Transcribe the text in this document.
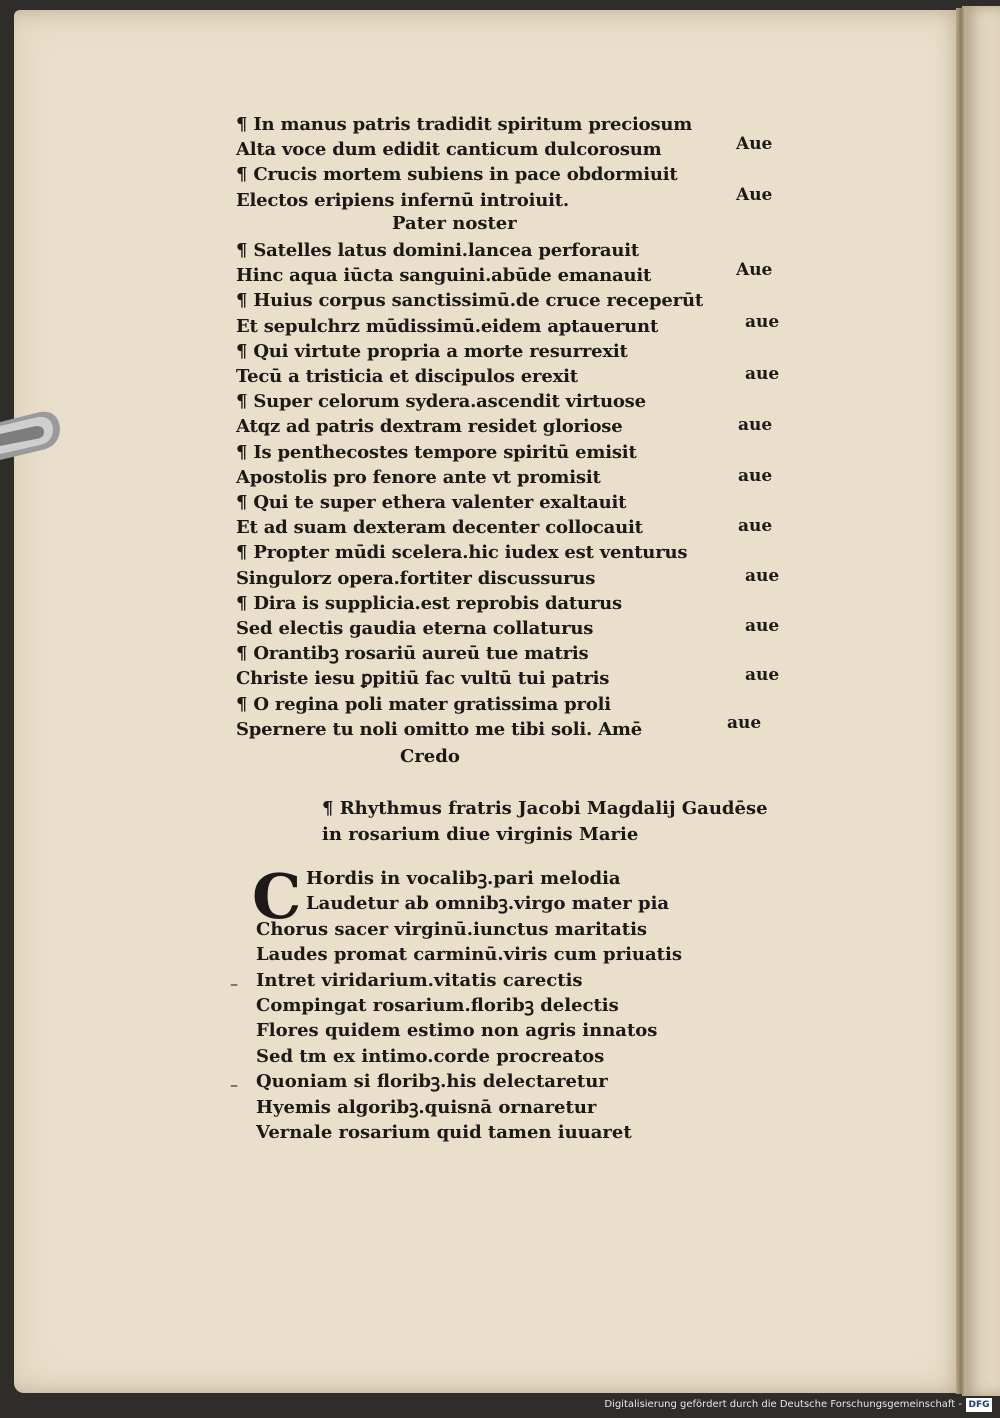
¶ In manus patris tradidit spiritum preciosum
Alta voce dum edidit canticum dulcorosum
¶ Crucis mortem subiens in pace obdormiuit
Electos eripiens infernū introiuit.
¶ Satelles latus domini.lancea perforauit
Hinc aqua iūcta sanguini.abūde emanauit
¶ Huius corpus sanctissimū.de cruce receperūt
Et sepulchrz mūdissimū.eidem aptauerunt
¶ Qui virtute propria a morte resurrexit
Tecū a tristicia et discipulos erexit
¶ Super celorum sydera.ascendit virtuose
Atqz ad patris dextram residet gloriose
¶ Is penthecostes tempore spiritū emisit
Apostolis pro fenore ante vt promisit
¶ Qui te super ethera valenter exaltauit
Et ad suam dexteram decenter collocauit
¶ Propter mūdi scelera.hic iudex est venturus
Singulorz opera.fortiter discussurus
¶ Dira is supplicia.est reprobis daturus
Sed electis gaudia eterna collaturus
¶ Orantibꝫ rosariū aureū tue matris
Christe iesu ꝑpitiū fac vultū tui patris
¶ O regina poli mater gratissima proli
Spernere tu noli omitto me tibi soli. Amē
Pater noster
Aue
Aue
Aue
aue
aue
aue
aue
aue
aue
aue
aue
aue
Credo
¶ Rhythmus fratris Jacobi Magdalij Gaudēse
in rosarium diue virginis Marie
C Hordis in vocalibꝫ.pari melodia
Laudetur ab omnibꝫ.virgo mater pia
Chorus sacer virginū.iunctus maritatis
Laudes promat carminū.viris cum priuatis
Intret viridarium.vitatis carectis
Compingat rosarium.floribꝫ delectis
Flores quidem estimo non agris innatos
Sed tm ex intimo.corde procreatos
Quoniam si floribꝫ.his delectaretur
Hyemis algoribꝫ.quisnā ornaretur
Vernale rosarium quid tamen iuuaret
–
–
Digitalisierung gefördert durch die Deutsche Forschungsgemeinschaft - DFG
